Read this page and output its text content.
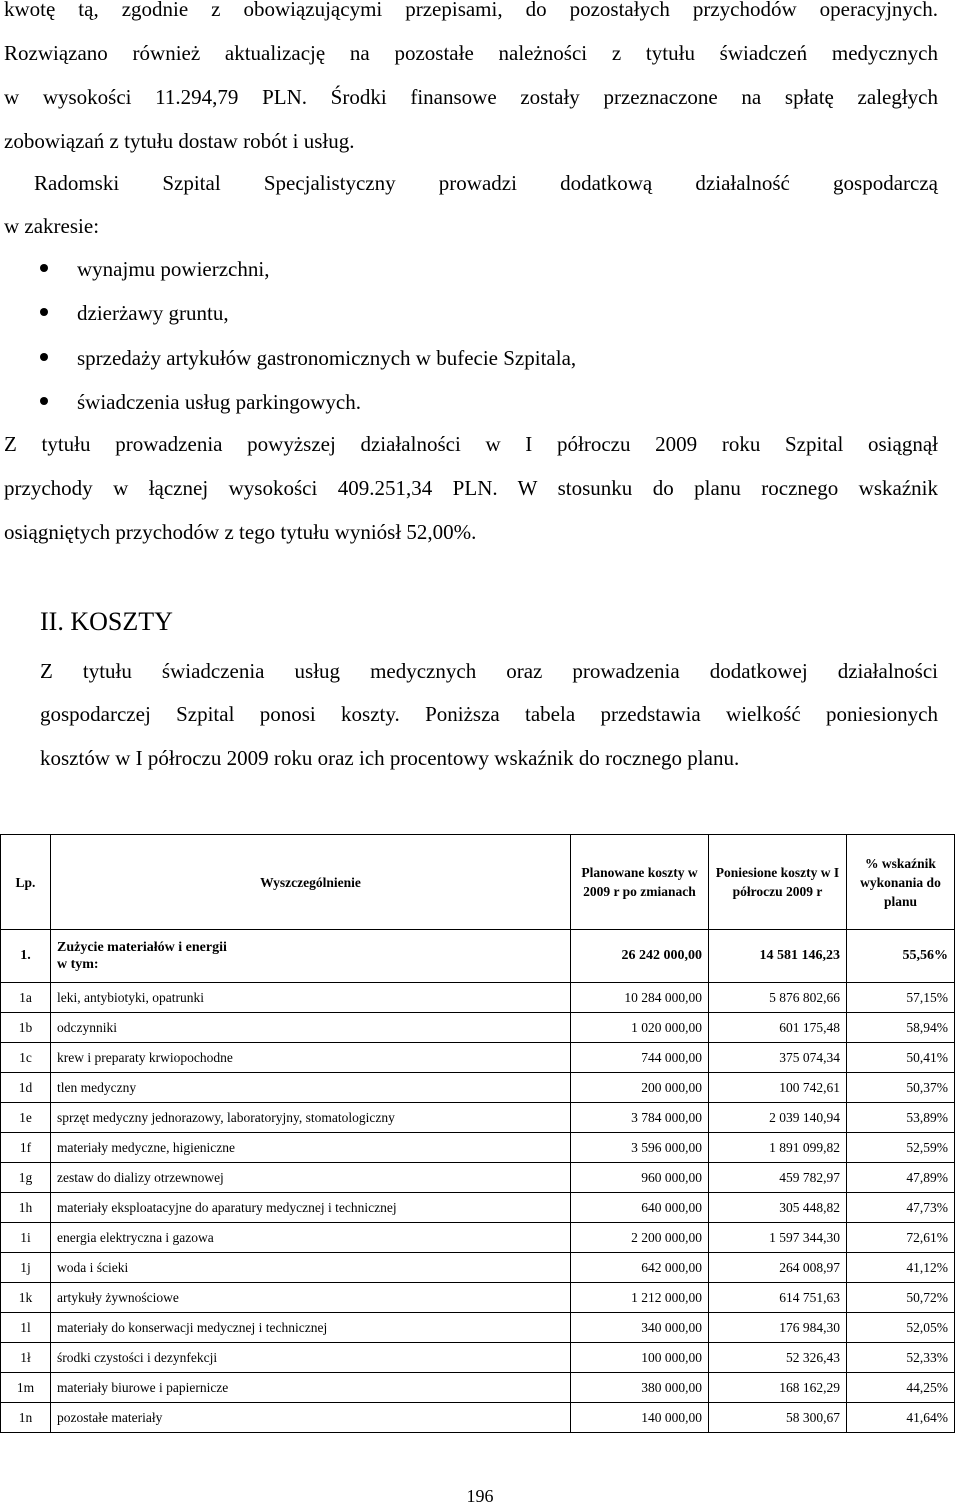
kwotę tą, zgodnie z obowiązującymi przepisami, do pozostałych przychodów operacyjnych.
Rozwiązano również aktualizację na pozostałe należności z tytułu świadczeń medycznych
w wysokości 11.294,79 PLN. Środki finansowe zostały przeznaczone na spłatę zaległych
zobowiązań z tytułu dostaw robót i usług.
Radomski Szpital Specjalistyczny prowadzi dodatkową działalność gospodarczą
w zakresie:
wynajmu powierzchni,
dzierżawy gruntu,
sprzedaży artykułów gastronomicznych w bufecie Szpitala,
świadczenia usług parkingowych.
Z tytułu prowadzenia powyższej działalności w I półroczu 2009 roku Szpital osiągnął
przychody w łącznej wysokości 409.251,34 PLN. W stosunku do planu rocznego wskaźnik
osiągniętych przychodów z tego tytułu wyniósł 52,00%.
II. KOSZTY
Z tytułu świadczenia usług medycznych oraz prowadzenia dodatkowej działalności
gospodarczej Szpital ponosi koszty. Poniższa tabela przedstawia wielkość poniesionych
kosztów w I półroczu 2009 roku oraz ich procentowy wskaźnik do rocznego planu.
Lp.	Wyszczególnienie	Planowane koszty w 2009 r po zmianach	Poniesione koszty w I półroczu 2009 r	% wskaźnik wykonania do planu
1.	Zużycie materiałów i energii
w tym:	26 242 000,00	14 581 146,23	55,56%
1a	leki, antybiotyki, opatrunki	10 284 000,00	5 876 802,66	57,15%
1b	odczynniki	1 020 000,00	601 175,48	58,94%
1c	krew i preparaty krwiopochodne	744 000,00	375 074,34	50,41%
1d	tlen medyczny	200 000,00	100 742,61	50,37%
1e	sprzęt medyczny jednorazowy, laboratoryjny, stomatologiczny	3 784 000,00	2 039 140,94	53,89%
1f	materiały medyczne, higieniczne	3 596 000,00	1 891 099,82	52,59%
1g	zestaw do dializy otrzewnowej	960 000,00	459 782,97	47,89%
1h	materiały eksploatacyjne do aparatury medycznej i technicznej	640 000,00	305 448,82	47,73%
1i	energia elektryczna i gazowa	2 200 000,00	1 597 344,30	72,61%
1j	woda i ścieki	642 000,00	264 008,97	41,12%
1k	artykuły żywnościowe	1 212 000,00	614 751,63	50,72%
1l	materiały do konserwacji medycznej i technicznej	340 000,00	176 984,30	52,05%
1ł	środki czystości i dezynfekcji	100 000,00	52 326,43	52,33%
1m	materiały biurowe i papiernicze	380 000,00	168 162,29	44,25%
1n	pozostałe materiały	140 000,00	58 300,67	41,64%
196
